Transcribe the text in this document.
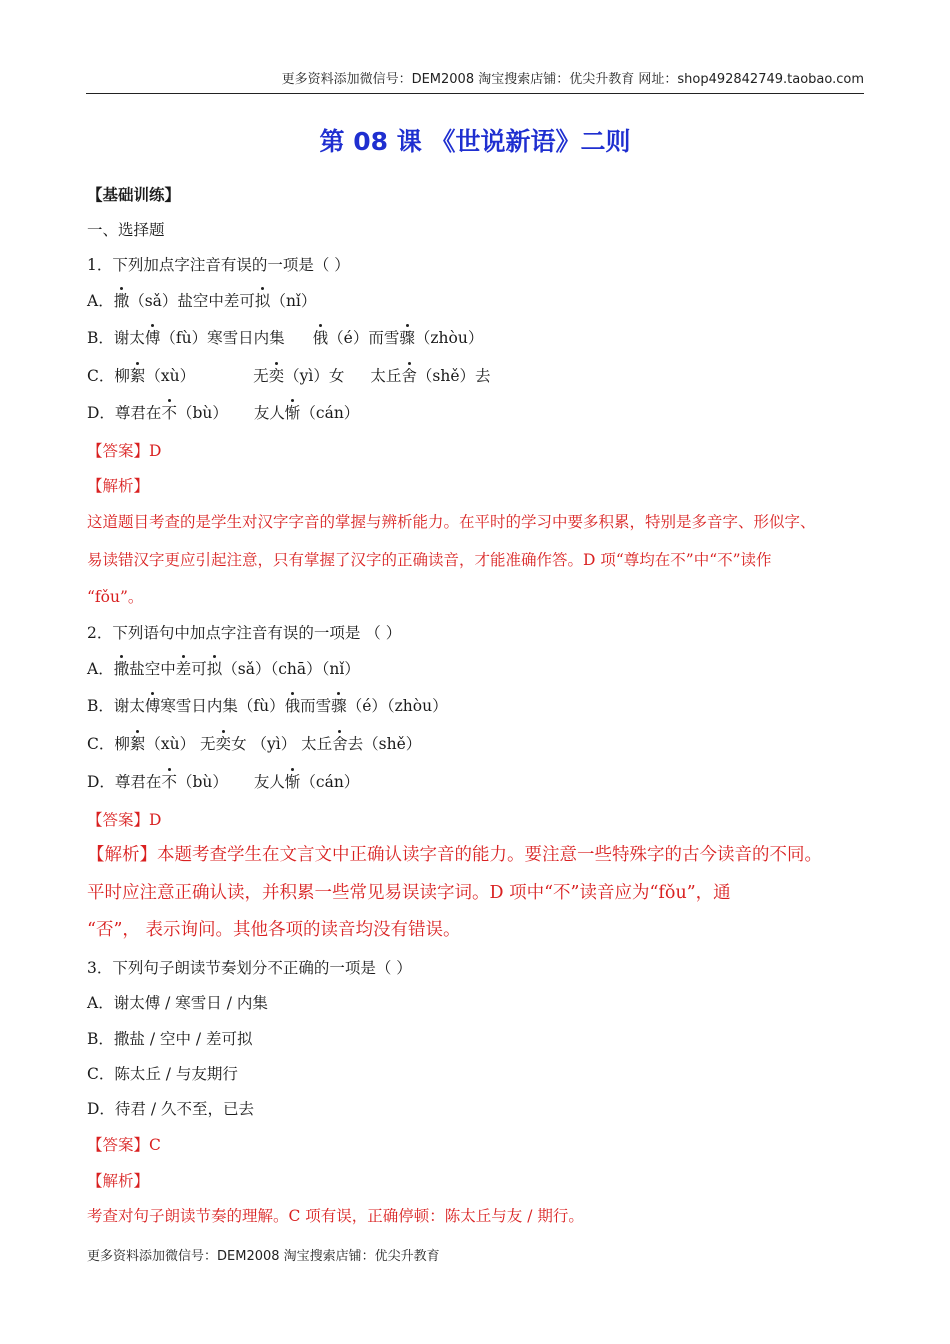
更多资料添加微信号：DEM2008 淘宝搜索店铺：优尖升教育 网址：shop492842749.taobao.com
第 08 课 《世说新语》二则
【基础训练】
一、选择题
1．下列加点字注音有误的一项是（ ）
A．撒（sǎ）盐空中差可拟（nǐ）
B．谢太傅（fù）寒雪日内集 俄（é）而雪骤（zhòu）
C．柳絮（xù）	无奕（yì）女 太丘舍（shě）去
D．尊君在不（bù） 友人惭（cán）
【答案】D
【解析】
这道题目考查的是学生对汉字字音的掌握与辨析能力。在平时的学习中要多积累，特别是多音字、形似字、
易读错汉字更应引起注意，只有掌握了汉字的正确读音，才能准确作答。D 项“尊均在不”中“不”读作
“fǒu”。
2．下列语句中加点字注音有误的一项是 （ ）
A．撒盐空中差可拟（sǎ）（chā）（nǐ）
B．谢太傅寒雪日内集（fù）俄而雪骤（é）（zhòu）
C．柳絮（xù） 无奕女 （yì） 太丘舍去（shě）
D．尊君在不（bù） 友人惭（cán）
【答案】D
【解析】本题考查学生在文言文中正确认读字音的能力。要注意一些特殊字的古今读音的不同。
平时应注意正确认读，并积累一些常见易误读字词。D 项中“不”读音应为“fǒu”，通
“否”， 表示询问。其他各项的读音均没有错误。
3．下列句子朗读节奏划分不正确的一项是（ ）
A．谢太傅 / 寒雪日 / 内集
B．撒盐 / 空中 / 差可拟
C．陈太丘 / 与友期行
D．待君 / 久不至，已去
【答案】C
【解析】
考查对句子朗读节奏的理解。C 项有误，正确停顿：陈太丘与友 / 期行。
更多资料添加微信号：DEM2008 淘宝搜索店铺：优尖升教育
